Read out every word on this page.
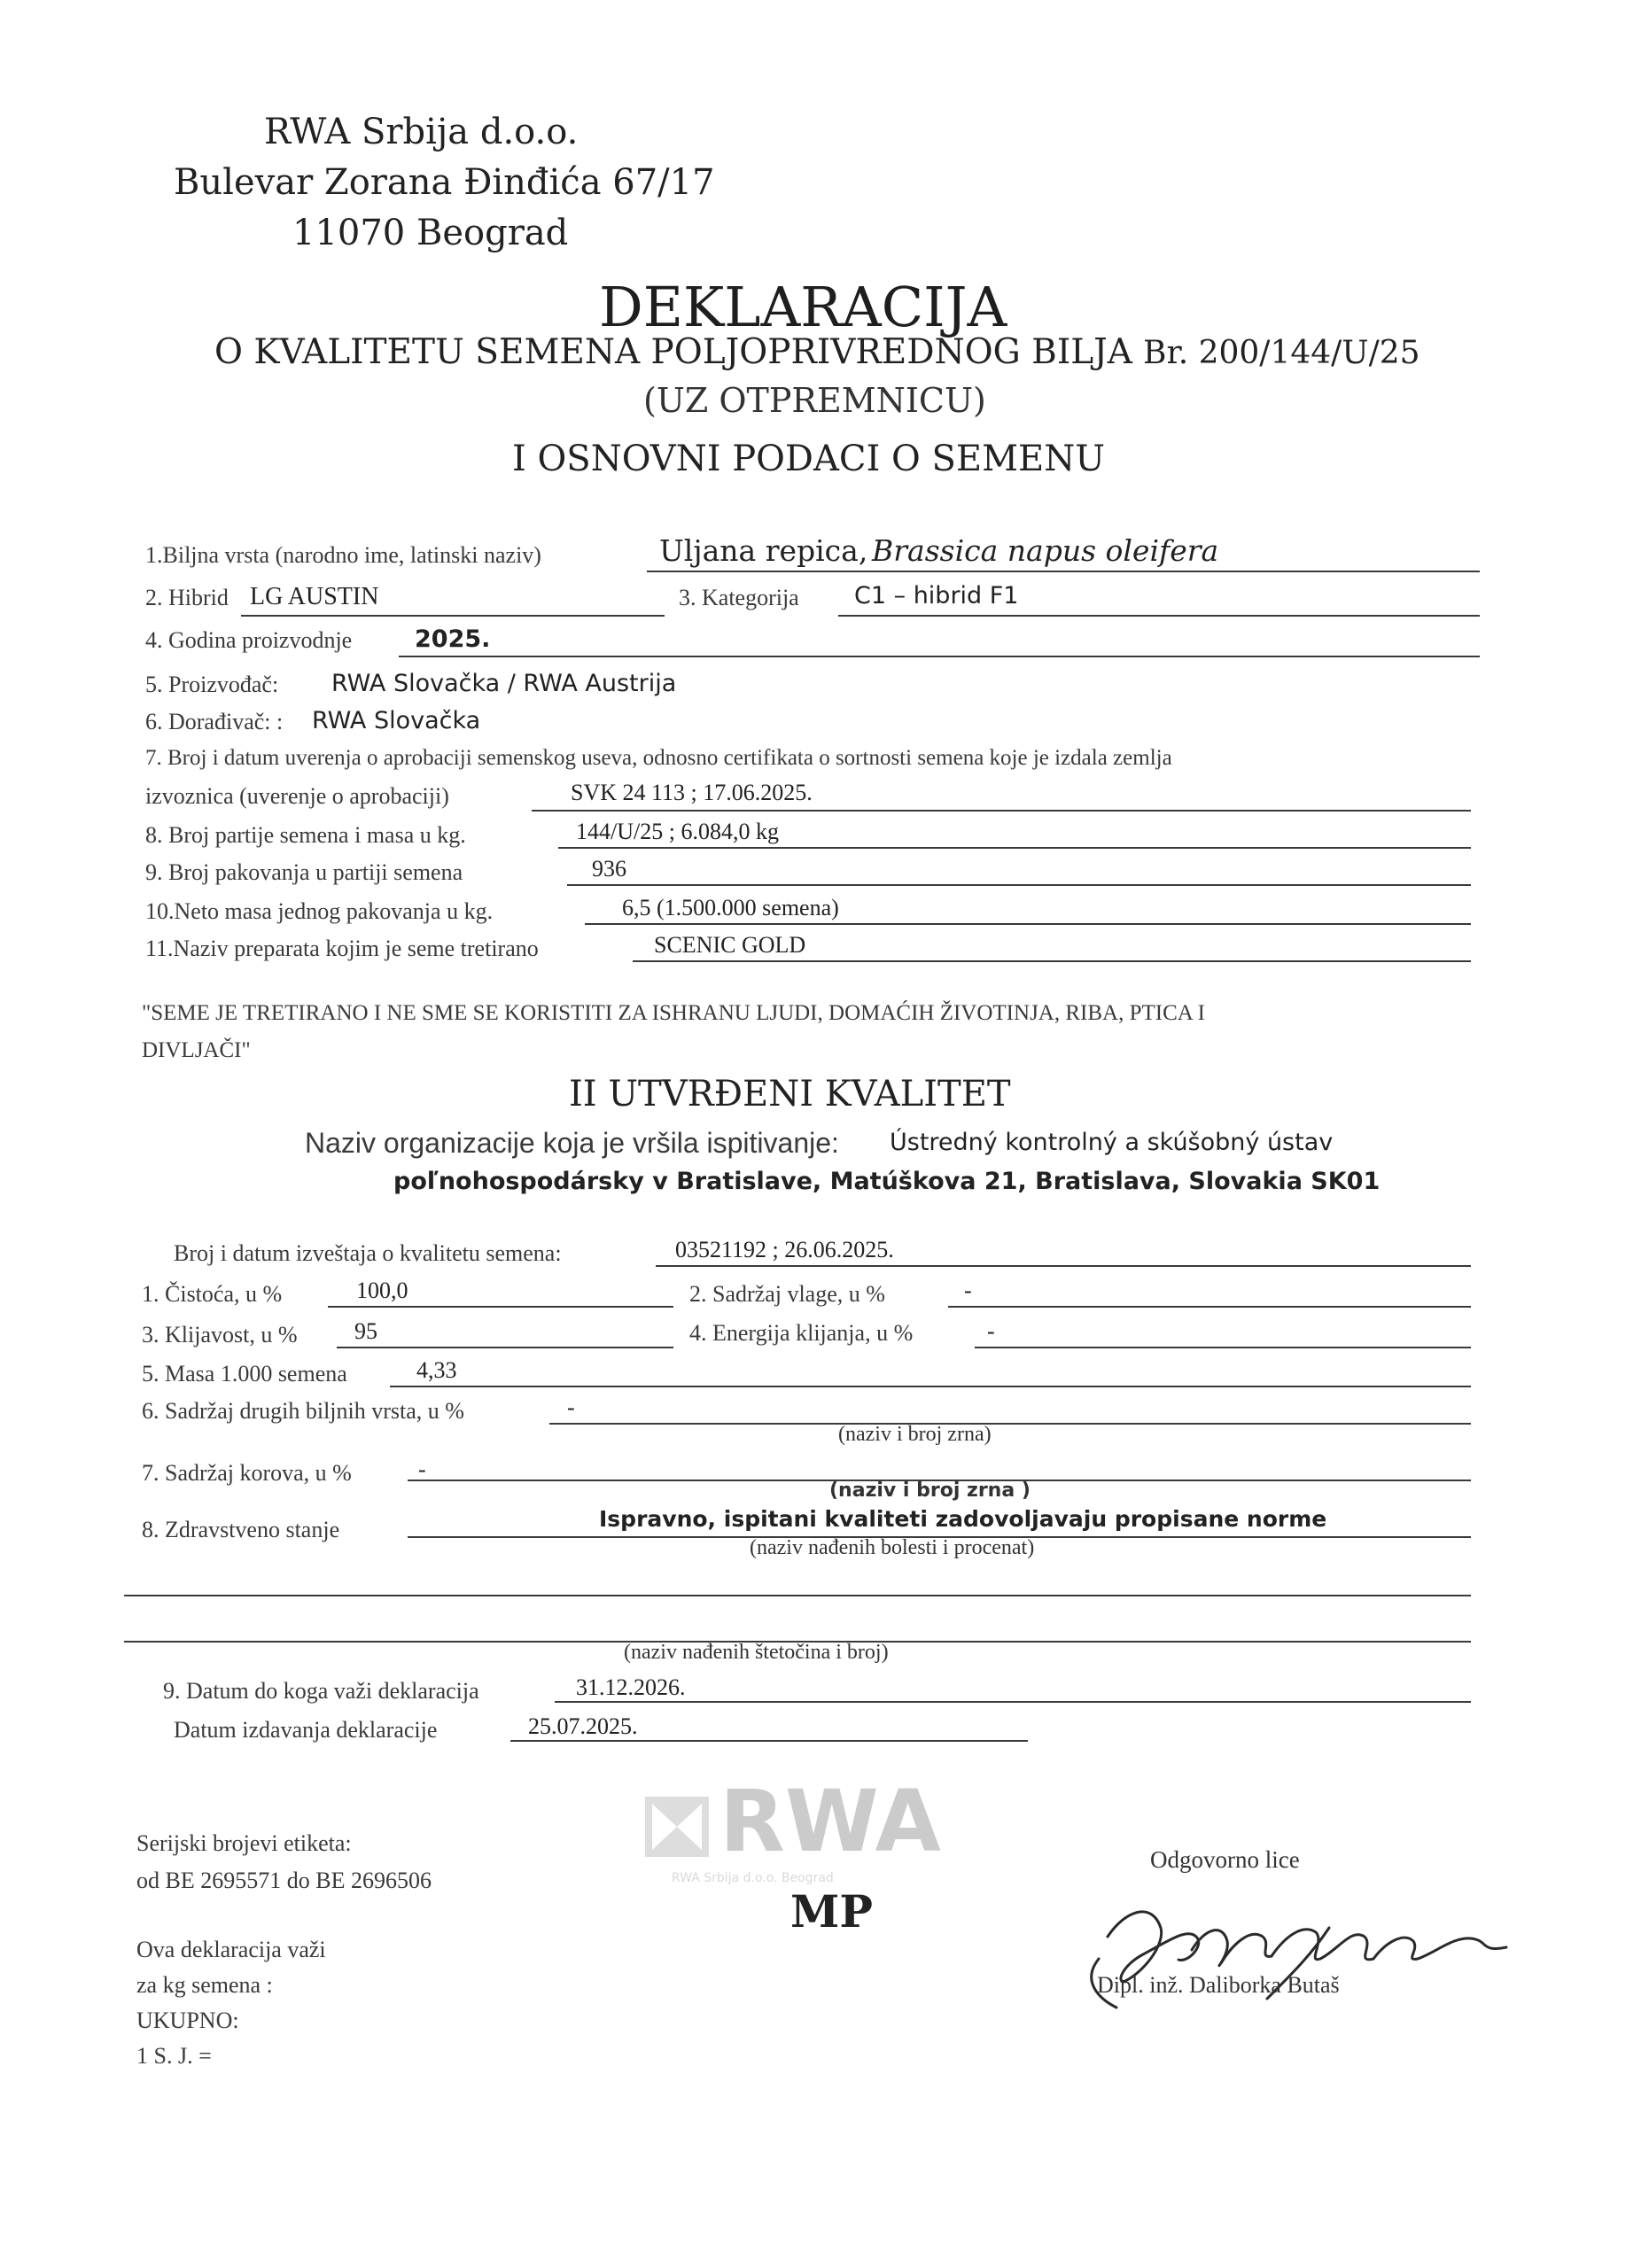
RWA Srbija d.o.o.
Bulevar Zorana Đinđića 67/17
11070 Beograd
DEKLARACIJA
O KVALITETU SEMENA POLJOPRIVREDNOG BILJA Br. 200/144/U/25
(UZ OTPREMNICU)
I OSNOVNI PODACI O SEMENU
1.Biljna vrsta (narodno ime, latinski naziv)	Uljana repica, Brassica napus oleifera
2. Hibrid LG AUSTIN	3. Kategorija C1 – hibrid F1
4. Godina proizvodnje	2025.
5. Proizvođač: RWA Slovačka / RWA Austrija
6. Dorađivač: : RWA Slovačka
7. Broj i datum uverenja o aprobaciji semenskog useva, odnosno certifikata o sortnosti semena koje je izdala zemlja
izvoznica (uverenje o aprobaciji)	SVK 24 113 ; 17.06.2025.
8. Broj partije semena i masa u kg.	144/U/25 ; 6.084,0 kg
9. Broj pakovanja u partiji semena	936
10.Neto masa jednog pakovanja u kg.	6,5 (1.500.000 semena)
11.Naziv preparata kojim je seme tretirano	SCENIC GOLD
"SEME JE TRETIRANO I NE SME SE KORISTITI ZA ISHRANU LJUDI, DOMAĆIH ŽIVOTINJA, RIBA, PTICA I
DIVLJAČI"
II UTVRĐENI KVALITET
Naziv organizacije koja je vršila ispitivanje: Ústredný kontrolný a skúšobný ústav
poľnohospodársky v Bratislave, Matúškova 21, Bratislava, Slovakia SK01
Broj i datum izveštaja o kvalitetu semena:	03521192 ; 26.06.2025.
1. Čistoća, u %	100,0	2. Sadržaj vlage, u %	-
3. Klijavost, u % 95	4. Energija klijanja, u %	-
5. Masa 1.000 semena	4,33
6. Sadržaj drugih biljnih vrsta, u %	-
(naziv i broj zrna)
7. Sadržaj korova, u %	-
(naziv i broj zrna )
8. Zdravstveno stanje	Ispravno, ispitani kvaliteti zadovoljavaju propisane norme
(naziv nađenih bolesti i procenat)
(naziv nađenih štetočina i broj)
9. Datum do koga važi deklaracija	31.12.2026.
Datum izdavanja deklaracije	25.07.2025.
Serijski brojevi etiketa:
od BE 2695571 do BE 2696506
Ova deklaracija važi
za kg semena :
UKUPNO:
1 S. J. =
RWA
RWA Srbija d.o.o. Beograd
MP
Odgovorno lice
Dipl. inž. Daliborka Butaš
